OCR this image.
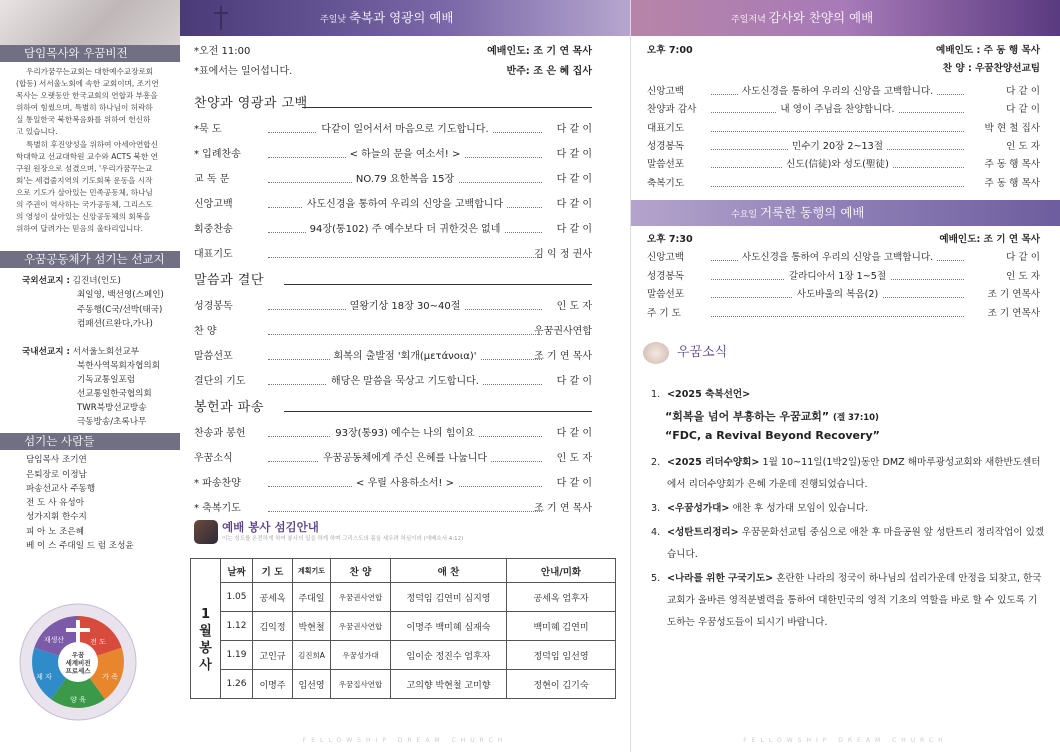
담임목사와 우꿈비전
우리가꿈꾸는교회는 대한예수교장로회
(합동) 서서울노회에 속한 교회이며, 조기연
목사는 오랫동안 한국교회의 연합과 부흥을
위하여 힘썼으며, 특별히 하나님이 허락하
실 통일한국 북한복음화를 위하여 헌신하
고 있습니다.
특별히 후진양성을 위하여 아세아연합신
학대학교 선교대학원 교수와 ACTS 북한 연
구원 원장으로 섬겼으며, '우리가꿈꾸는교
회'는 세겹줄지역의 기도회복 운동을 시작
으로 기도가 살아있는 민족공동체, 하나님
의 주권이 역사하는 국가공동체, 그리스도
의 영성이 살아있는 신앙공동체의 회복을
위하여 달려가는 믿음의 울타리입니다.
우꿈공동체가 섬기는 선교지
국외선교지 : 김진녀(인도)
최일영, 백선영(스페인)
주동행(C국/선박(태국)
컴패션(르완다,가나)
국내선교지 : 서서울노회선교부
북한사역목회자협의회
기독교통일포럼
선교통일한국협의회
TWR북방선교방송
극동방송/초록나무
섬기는 사람들
담임목사 조기연
은퇴장로 이정남
파송선교사 주동행
전 도 사 유성아
성가지휘 한수지
피 아 노 조은혜
베 이 스 주대일 드 럼 조성윤
우꿈
세계비전
프로세스
재생산	전 도
가 족
양 육
제 자
주일낮 축복과 영광의 예배
*오전 11:00	예배인도: 조 기 연 목사
*표에서는 일어섭니다.	반주: 조 은 혜 집사
찬양과 영광과 고백
*묵 도	다같이 일어서서 마음으로 기도합니다.	다 같 이
* 입례찬송	< 하늘의 문을 여소서! >	다 같 이
교 독 문	NO.79 요한복음 15장	다 같 이
신앙고백	사도신경을 통하여 우리의 신앙을 고백합니다	다 같 이
회중찬송	94장(통102) 주 예수보다 더 귀한것은 없네	다 같 이
대표기도	김 익 정 권사
말씀과 결단
성경봉독	열왕기상 18장 30~40절	인 도 자
찬 양	우꿈권사연합
말씀선포	회복의 출발점 '회개(μετάνοια)'	조 기 연 목사
결단의 기도	해당은 말씀을 묵상고 기도합니다.	다 같 이
봉헌과 파송
찬송과 봉헌	93장(통93) 예수는 나의 힘이요	다 같 이
우꿈소식	우꿈공동체에게 주신 은혜를 나눕니다	인 도 자
* 파송찬양	< 우릴 사용하소서! >	다 같 이
* 축복기도	조 기 연 목사
예배 봉사 섬김안내
이는 성도를 온전하게 하여 봉사의 일을 하게 하며 그리스도의 몸을 세우려 하심이라 (에베소서 4:12)
	날짜	기 도	계획기도	찬 양	애 찬	안내/미화

1
월
봉
사	1.05	공세옥	주대일	우꿈권사연합	정덕임 김연미 심지영	공세옥 엄후자
	1.12	김익정	박현철	우꿈권사연합	이명주 백미혜 심재숙	백미혜 김연미
	1.19	고인규	김진희A	우꿈성가대	임이순 정진수 엄후자	정덕임 임선영
	1.26	이명주	임선영	우꿈집사연합	고의향 박현철 고미향	정현이 김기숙
FELLOWSHIP DREAM CHURCH
주일저녁 감사와 찬양의 예배
오후 7:00	예배인도 : 주 동 행 목사
찬 양 : 우꿈찬양선교팀
신앙고백	사도신경을 통하여 우리의 신앙을 고백합니다.	다 같 이
찬양과 감사	내 영이 주님을 찬양합니다.	다 같 이
대표기도	박 현 철 집사
성경봉독	민수기 20장 2~13절	인 도 자
말씀선포	신도(信徒)와 성도(聖徒)	주 동 행 목사
축복기도	주 동 행 목사
수요일 거룩한 동행의 예배
오후 7:30	예배인도: 조 기 연 목사
신앙고백	사도신경을 통하여 우리의 신앙을 고백합니다.	다 같 이
성경봉독	갈라디아서 1장 1~5절	인 도 자
말씀선포	사도바울의 복음(2)	조 기 연목사
주 기 도	조 기 연목사
우꿈소식
1. <2025 축복선언>
“회복을 넘어 부흥하는 우꿈교회” (겔 37:10)
“FDC, a Revival Beyond Recovery”
2. <2025 리더수양회> 1월 10~11일(1박2일)동안 DMZ 해마루광성교회와 새한반도센터에서 리더수양회가 은혜 가운데 진행되었습니다.
3. <우꿈성가대> 애찬 후 성가대 모임이 있습니다.
4. <성탄트리정리> 우꿈문화선교팀 중심으로 애찬 후 마을공원 앞 성탄트리 정리작업이 있겠습니다.
5. <나라를 위한 구국기도> 혼란한 나라의 정국이 하나님의 섭리가운데 안정을 되찾고, 한국교회가 올바른 영적분별력을 통하여 대한민국의 영적 기초의 역할을 바로 할 수 있도록 기도하는 우꿈성도들이 되시기 바랍니다.
FELLOWSHIP DREAM CHURCH
